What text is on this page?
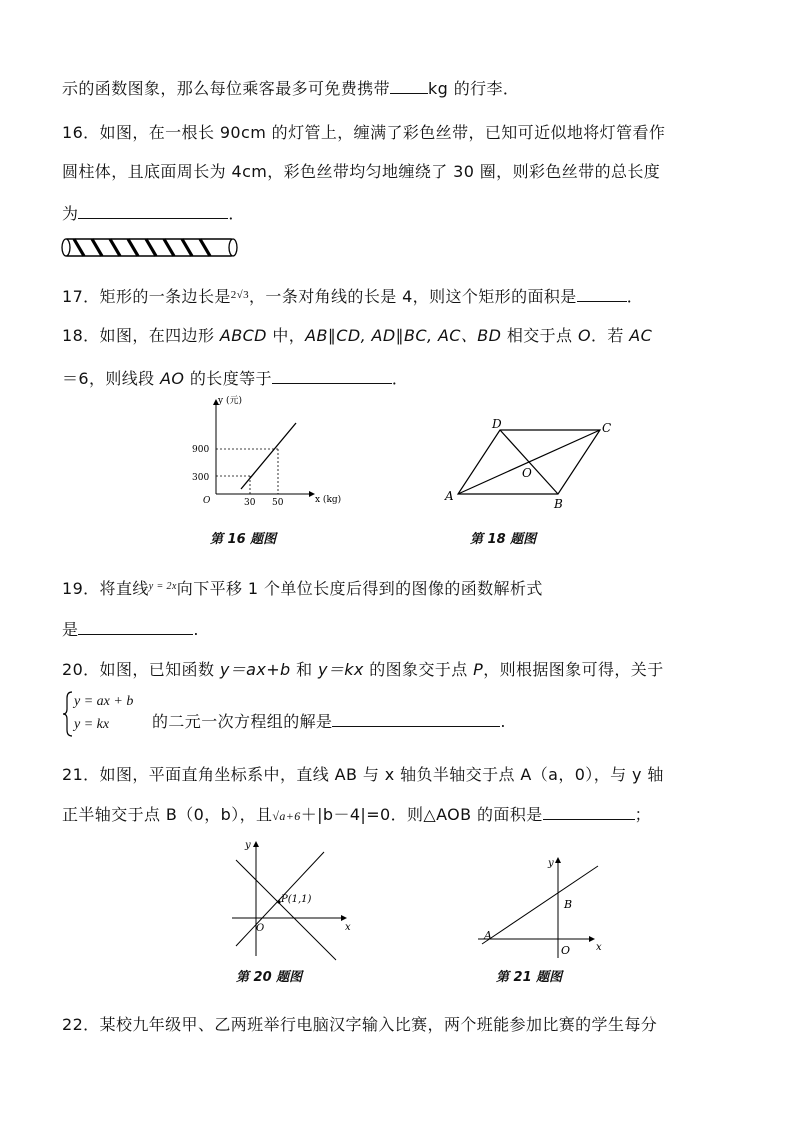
示的函数图象，那么每位乘客最多可免费携带 kg 的行李．
16．如图，在一根长 90cm 的灯管上，缠满了彩色丝带，已知可近似地将灯管看作
圆柱体，且底面周长为 4cm，彩色丝带均匀地缠绕了 30 圈，则彩色丝带的总长度
为	．
17．矩形的一条边长是$^{2√3}$，一条对角线的长是 4，则这个矩形的面积是	．
18．如图，在四边形 ABCD 中，AB∥CD, AD∥BC, AC、BD 相交于点 O．若 AC
＝6，则线段 AO 的长度等于	．
y (元)
x (kg)
O
900
300
30 50
第 16 题图
A
B
C
D
O
第 18 题图
19．将直线$^{y = 2x}$向下平移 1 个单位长度后得到的图像的函数解析式
是	.
20．如图，已知函数 y＝ax+b 和 y＝kx 的图象交于点 P，则根据图象可得，关于
y = ax + b
y = kx	的二元一次方程组的解是	.
21．如图，平面直角坐标系中，直线 AB 与 x 轴负半轴交于点 A（a，0），与 y 轴
正半轴交于点 B（0，b），且√a+6＋|b－4|=0．则△AOB 的面积是	；
P(1,1)
y
x
O
第 20 题图
A
B
y
x
O
第 21 题图
22．某校九年级甲、乙两班举行电脑汉字输入比赛，两个班能参加比赛的学生每分
